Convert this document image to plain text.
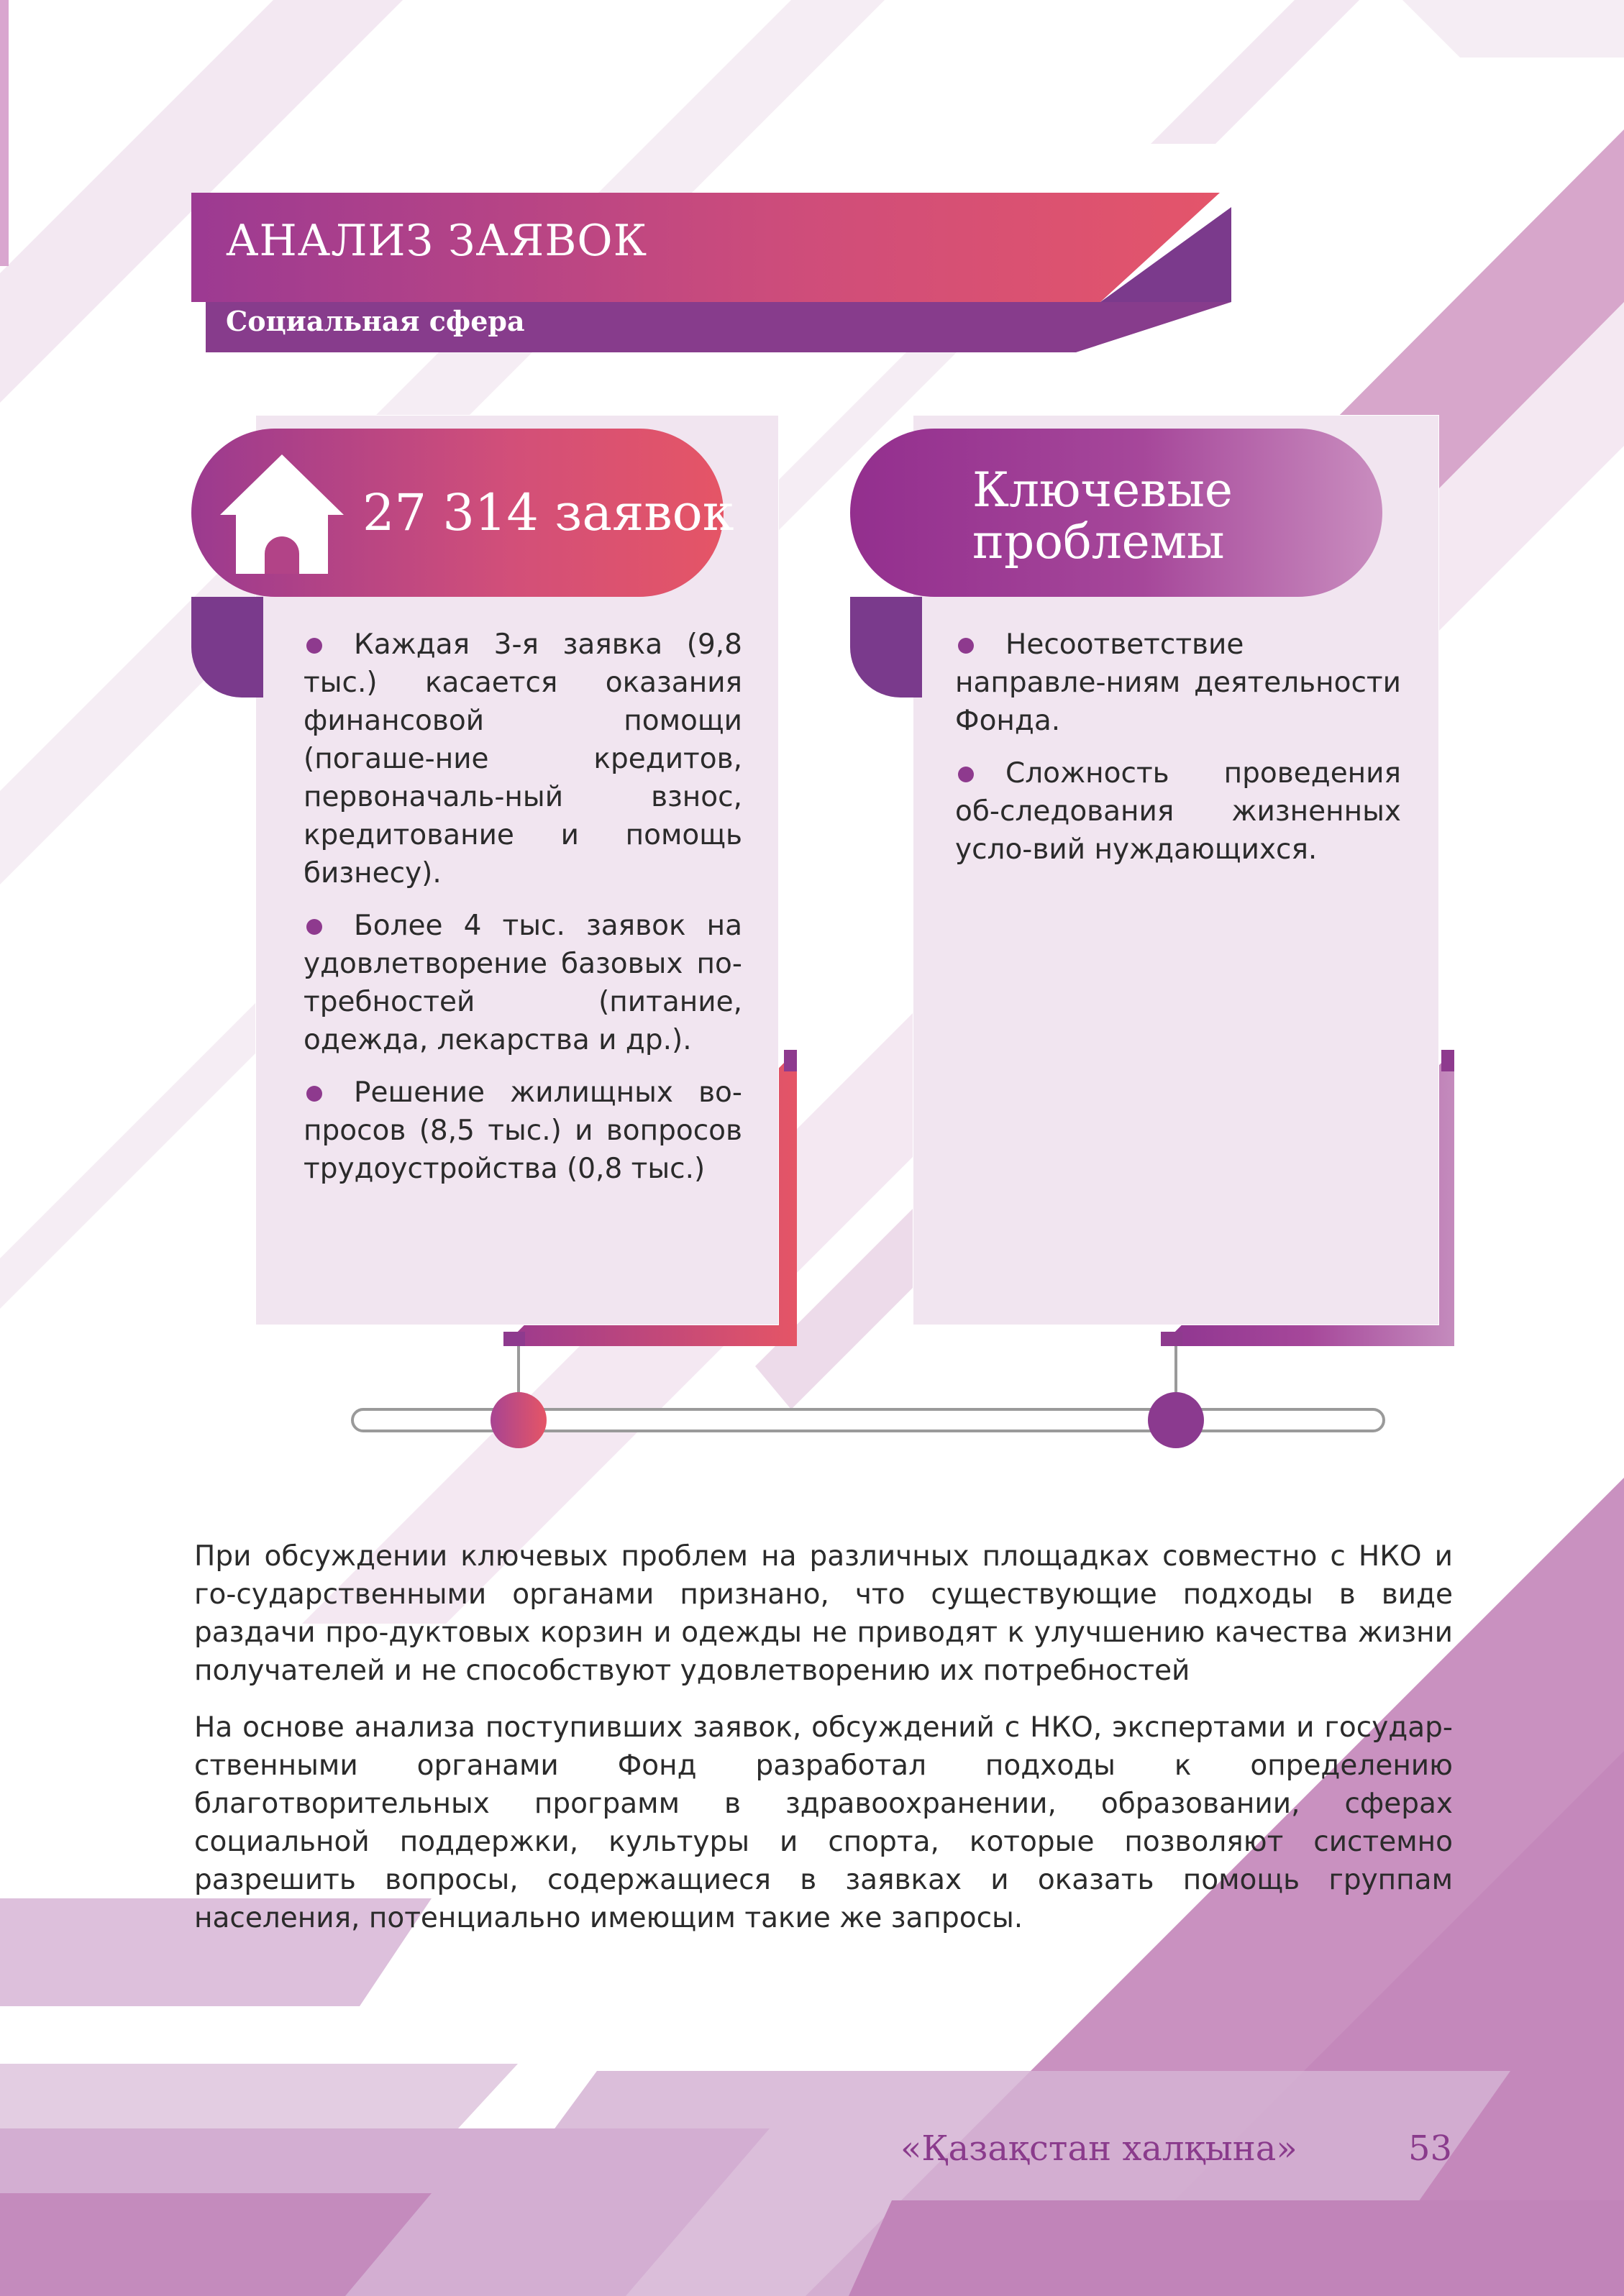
АНАЛИЗ ЗАЯВОК
Социальная сфера
27 314 заявок
Каждая 3-я заявка (9,8 тыс.) касается оказания финансовой помощи (погаше-ние кредитов, первоначаль-ный взнос, кредитование и помощь бизнесу).
Более 4 тыс. заявок на удовлетворение базовых по-требностей (питание, одежда, лекарства и др.).
Решение жилищных во-просов (8,5 тыс.) и вопросов трудоустройства (0,8 тыс.)
Ключевые
проблемы
Несоответствие направле-ниям деятельности Фонда.
Сложность проведения об-следования жизненных усло-вий нуждающихся.

При обсуждении ключевых проблем на различных площадках совместно с НКО и го-сударственными органами признано, что существующие подходы в виде раздачи про-дуктовых корзин и одежды не приводят к улучшению качества жизни получателей и не способствуют удовлетворению их потребностей

На основе анализа поступивших заявок, обсуждений с НКО, экспертами и государ-ственными органами Фонд разработал подходы к определению благотворительных программ в здравоохранении, образовании, сферах социальной поддержки, культуры и спорта, которые позволяют системно разрешить вопросы, содержащиеся в заявках и оказать помощь группам населения, потенциально имеющим такие же запросы.

«Қазақстан халқына»	53
